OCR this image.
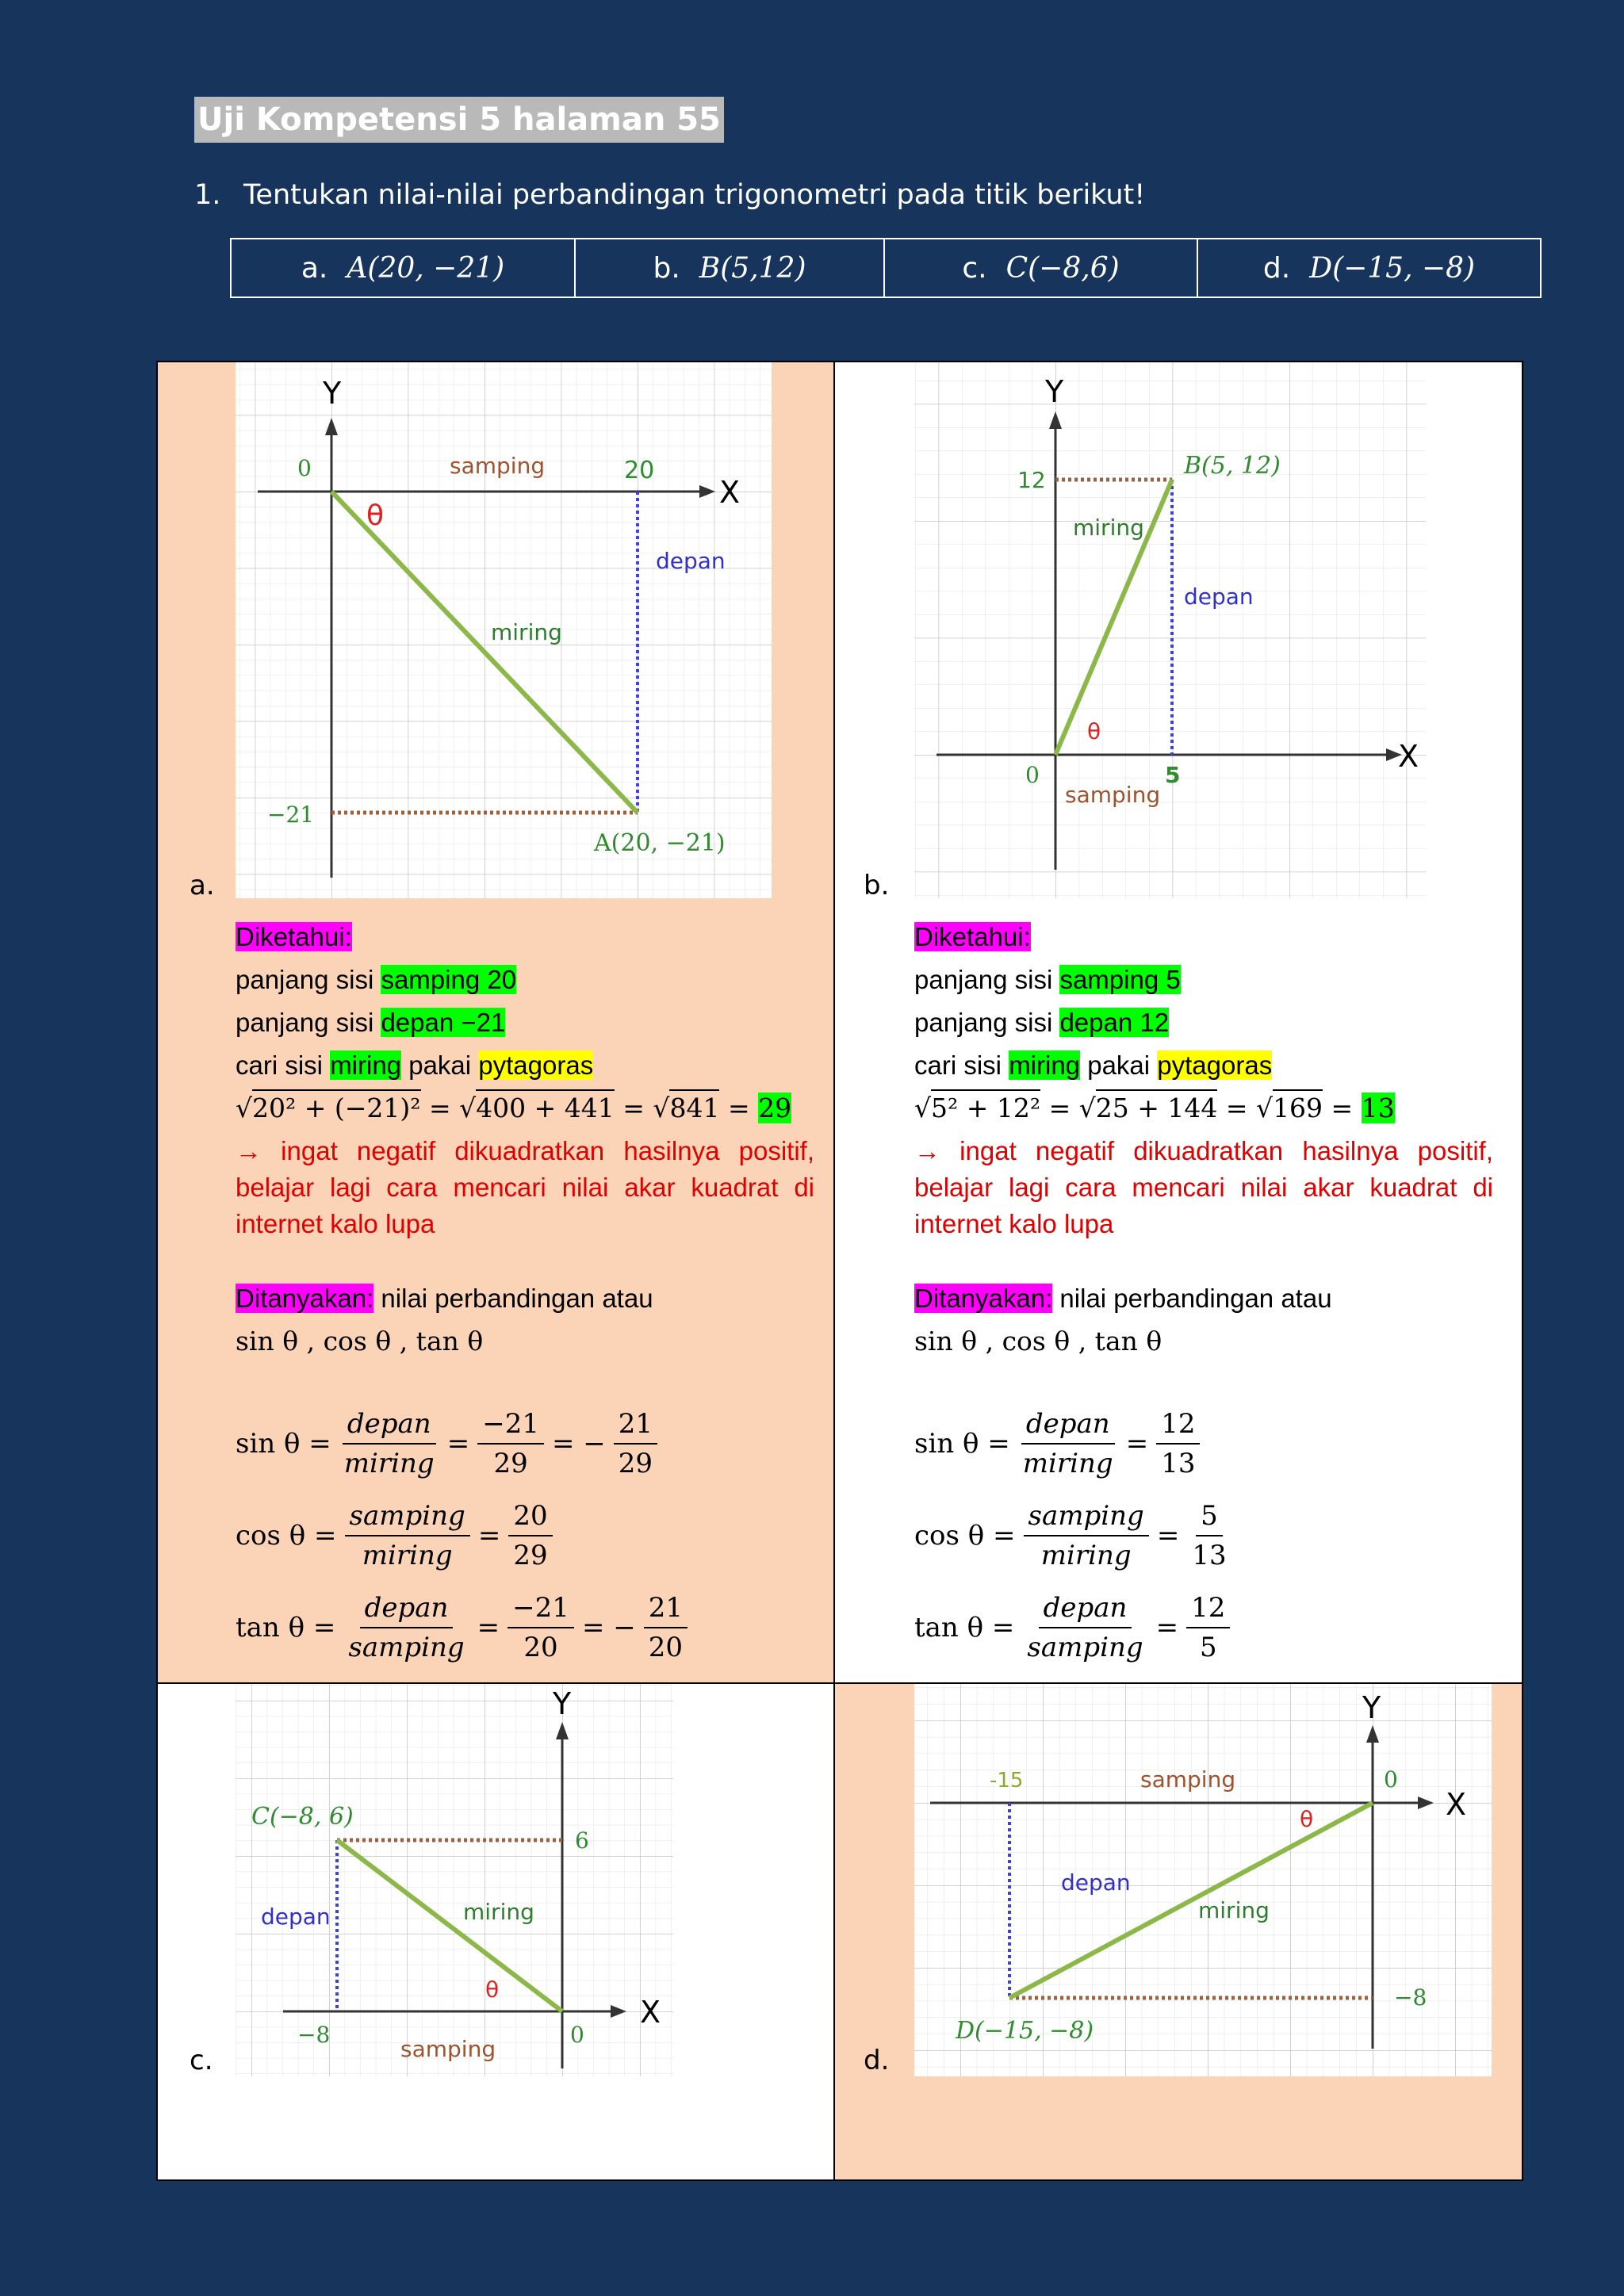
Uji Kompetensi 5 halaman 55
1. Tentukan nilai-nilai perbandingan trigonometri pada titik berikut!
a. A(20, −21)	b. B(5,12)	c. C(−8,6)	d. D(−15, −8)
X
Y
0	20
−21
samping
depan
miring
θ
A(20, −21)
a.
Diketahui:
panjang sisi samping 20
panjang sisi depan −21
cari sisi miring pakai pytagoras
√20² + (−21)² = √400 + 441 = √841 = 29
→ ingat negatif dikuadratkan hasilnya positif, belajar lagi cara mencari nilai akar kuadrat di internet kalo lupa
Ditanyakan: nilai perbandingan atau
sin θ , cos θ , tan θ
$\sin \theta = \frac{\text{depan}}{\text{miring}} = \frac{-21}{29}$ =
− $\frac{21}{29}$
$\cos \theta = \frac{\text{samping}}{\text{miring}} = \frac{20}{29}$
$\tan \theta = \frac{\text{depan}}{\text{samping}} = \frac{-21}{20}$ =
− $\frac{21}{20}$
X
Y
0	5
12
samping
depan
miring
θ
B(5, 12)
b.
Diketahui:
panjang sisi samping 5
panjang sisi depan 12
cari sisi miring pakai pytagoras
√5² + 12² = √25 + 144 = √169 = 13
→ ingat negatif dikuadratkan hasilnya positif, belajar lagi cara mencari nilai akar kuadrat di internet kalo lupa
Ditanyakan: nilai perbandingan atau
sin θ , cos θ , tan θ
$\sin \theta = \frac{\text{depan}}{\text{miring}} = \frac{12}{13}$
$\cos \theta = \frac{\text{samping}}{\text{miring}} = \frac{5}{13}$
$\tan \theta = \frac{\text{depan}}{\text{samping}} = \frac{12}{5}$
X
Y
0
−8
6
samping
depan	miring
θ
C(−8, 6)
c.
X
Y
0
-15
−8
samping
depan
miring
θ
D(−15, −8)
d.
